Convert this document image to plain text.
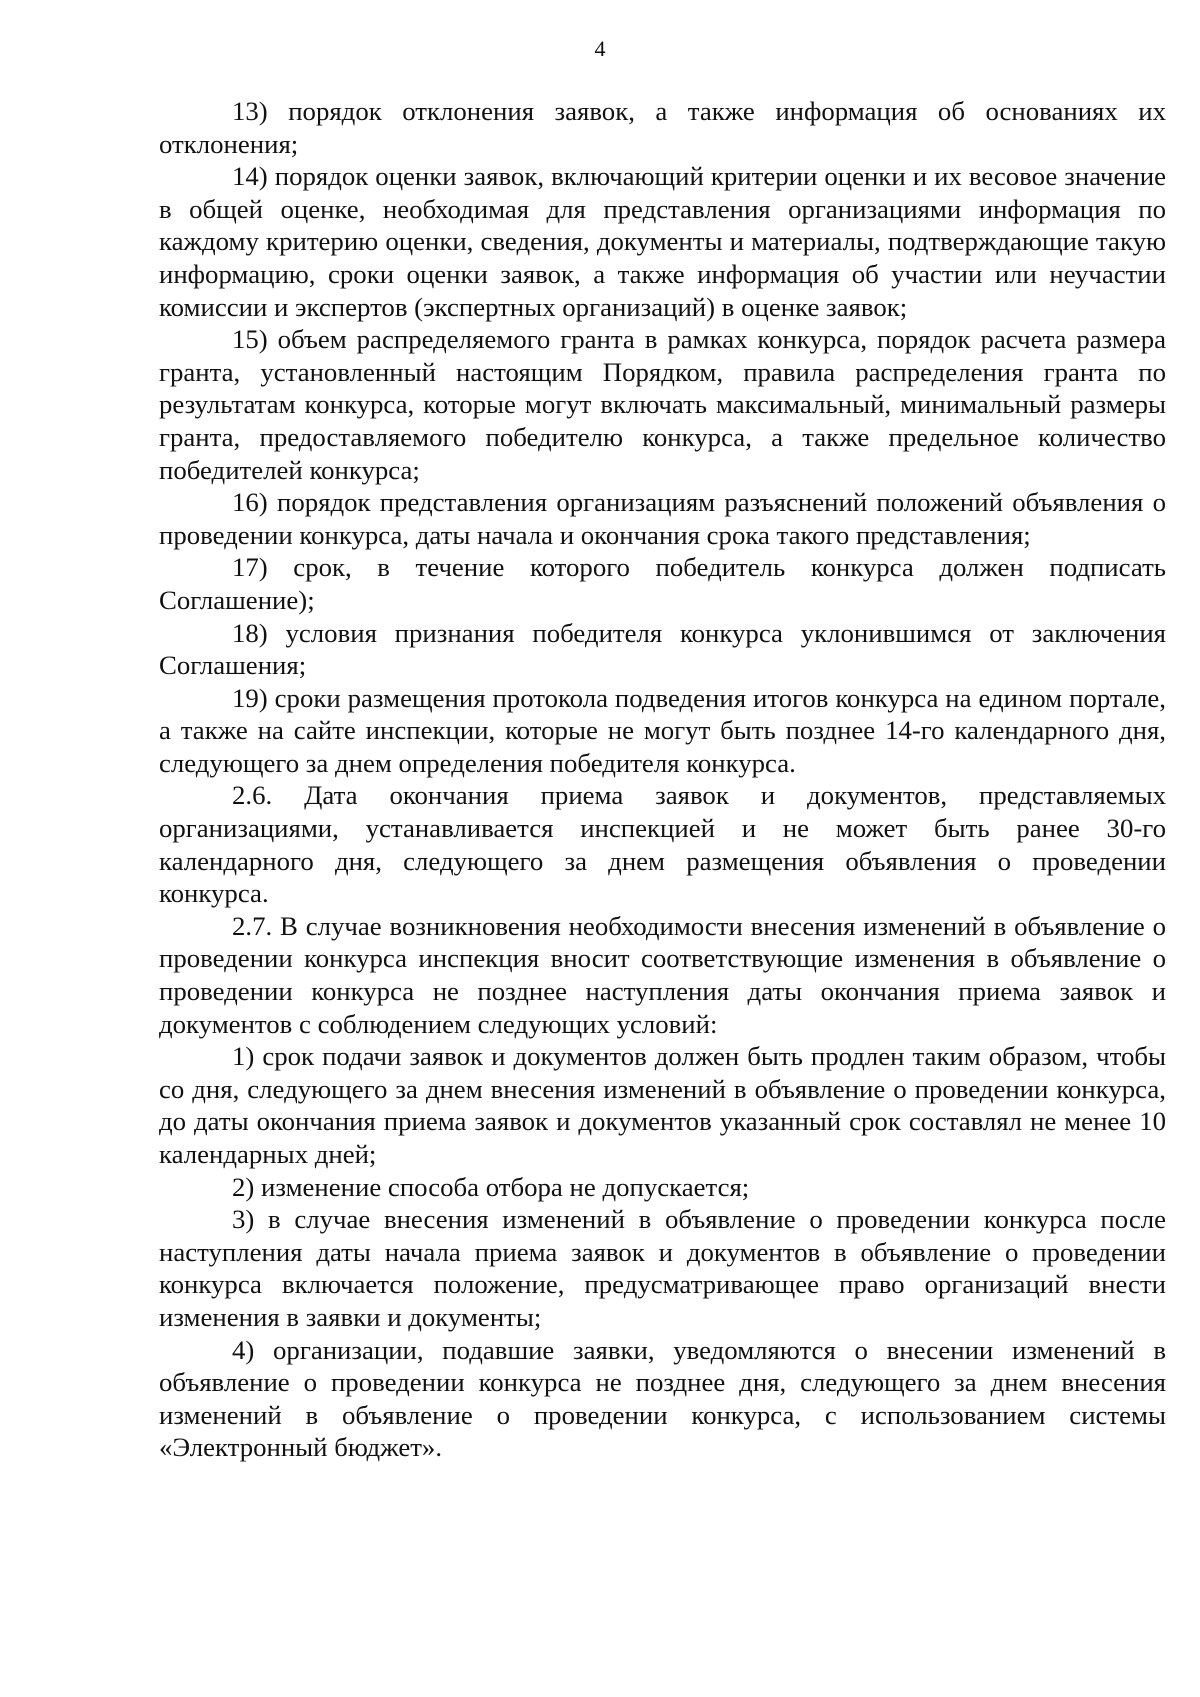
4

13) порядок отклонения заявок, а также информация об основаниях их отклонения;

14) порядок оценки заявок, включающий критерии оценки и их весовое значение в общей оценке, необходимая для представления организациями информация по каждому критерию оценки, сведения, документы и материалы, подтверждающие такую информацию, сроки оценки заявок, а также информация об участии или неучастии комиссии и экспертов (экспертных организаций) в оценке заявок;

15) объем распределяемого гранта в рамках конкурса, порядок расчета размера гранта, установленный настоящим Порядком, правила распределения гранта по результатам конкурса, которые могут включать максимальный, минимальный размеры гранта, предоставляемого победителю конкурса, а также предельное количество победителей конкурса;

16) порядок представления организациям разъяснений положений объявления о проведении конкурса, даты начала и окончания срока такого представления;

17) срок, в течение которого победитель конкурса должен подписать Соглашение);

18) условия признания победителя конкурса уклонившимся от заключения Соглашения;

19) сроки размещения протокола подведения итогов конкурса на едином портале, а также на сайте инспекции, которые не могут быть позднее 14-го календарного дня, следующего за днем определения победителя конкурса.

2.6. Дата окончания приема заявок и документов, представляемых организациями, устанавливается инспекцией и не может быть ранее 30-го календарного дня, следующего за днем размещения объявления о проведении конкурса.

2.7. В случае возникновения необходимости внесения изменений в объявление о проведении конкурса инспекция вносит соответствующие изменения в объявление о проведении конкурса не позднее наступления даты окончания приема заявок и документов с соблюдением следующих условий:

1) срок подачи заявок и документов должен быть продлен таким образом, чтобы со дня, следующего за днем внесения изменений в объявление о проведении конкурса, до даты окончания приема заявок и документов указанный срок составлял не менее 10 календарных дней;

2) изменение способа отбора не допускается;

3) в случае внесения изменений в объявление о проведении конкурса после наступления даты начала приема заявок и документов в объявление о проведении конкурса включается положение, предусматривающее право организаций внести изменения в заявки и документы;

4) организации, подавшие заявки, уведомляются о внесении изменений в объявление о проведении конкурса не позднее дня, следующего за днем внесения изменений в объявление о проведении конкурса, с использованием системы «Электронный бюджет».
